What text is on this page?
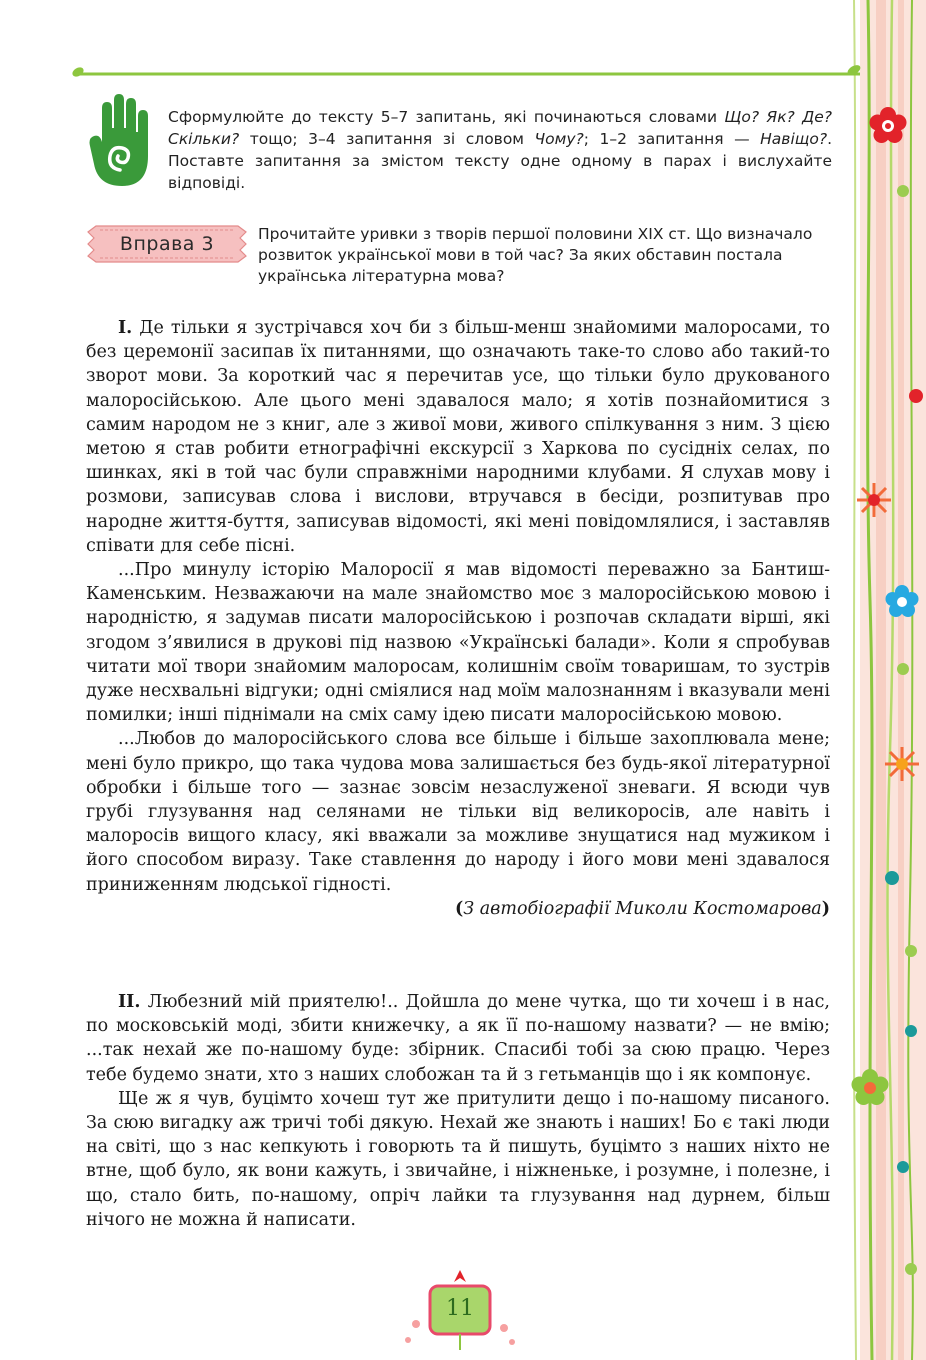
Сформулюйте до тексту 5–7 запитань, які починаються словами Що? Як? Де? Скільки? тощо; 3–4 запитання зі словом Чому?; 1–2 запитання — Навіщо?. Поставте запитання за змістом тексту одне одному в парах і вислухайте відповіді.
Вправа 3	Прочитайте уривки з творів першої половини XIX ст. Що визначало розвиток української мови в той час? За яких обставин постала українська літературна мова?

I. Де тільки я зустрічався хоч би з більш-менш знайомими малоросами, то без церемонії засипав їх питаннями, що означають таке-то слово або такий-то зворот мови. За короткий час я перечитав усе, що тільки було друкованого малоросійською. Але цього мені здавалося мало; я хотів познайомитися з самим народом не з книг, але з живої мови, живого спілкування з ним. З цією метою я став робити етнографічні екскурсії з Харкова по сусідніх селах, по шинках, які в той час були справжніми народними клубами. Я слухав мову і розмови, записував слова і вислови, втручався в бесіди, розпитував про народне життя-буття, записував відомості, які мені повідомлялися, і заставляв співати для себе пісні.

...Про минулу історію Малоросії я мав відомості переважно за Бантиш-Каменським. Незважаючи на мале знайомство моє з малоросійською мовою і народністю, я задумав писати малоросійською і розпочав складати вірші, які згодом з’явилися в друкові під назвою «Українські балади». Коли я спробував читати мої твори знайомим малоросам, колишнім своїм товаришам, то зустрів дуже несхвальні відгуки; одні сміялися над моїм малознанням і вказували мені помилки; інші піднімали на сміх саму ідею писати малоросійською мовою.

...Любов до малоросійського слова все більше і більше захоплювала мене; мені було прикро, що така чудова мова залишається без будь-якої літературної обробки і більше того — зазнає зовсім незаслуженої зневаги. Я всюди чув грубі глузування над селянами не тільки від великоросів, але навіть і малоросів вищого класу, які вважали за можливе знущатися над мужиком і його способом виразу. Таке ставлення до народу і його мови мені здавалося приниженням людської гідності.

(З автобіографії Миколи Костомарова)

II. Любезний мій приятелю!.. Дойшла до мене чутка, що ти хочеш і в нас, по московській моді, збити книжечку, а як її по-нашому назвати? — не вмію; ...так нехай же по-нашому буде: збірник. Спасибі тобі за сюю працю. Через тебе будемо знати, хто з наших слобожан та й з гетьманців що і як компонує.

Ще ж я чув, буцімто хочеш тут же притулити дещо і по-нашому писаного. За сюю вигадку аж тричі тобі дякую. Нехай же знають і наших! Бо є такі люди на світі, що з нас кепкують і говорють та й пишуть, буцімто з наших ніхто не втне, щоб було, як вони кажуть, і звичайне, і ніжненьке, і розумне, і полезне, і що, стало бить, по-нашому, опріч лайки та глузування над дурнем, більш нічого не можна й написати.

11
